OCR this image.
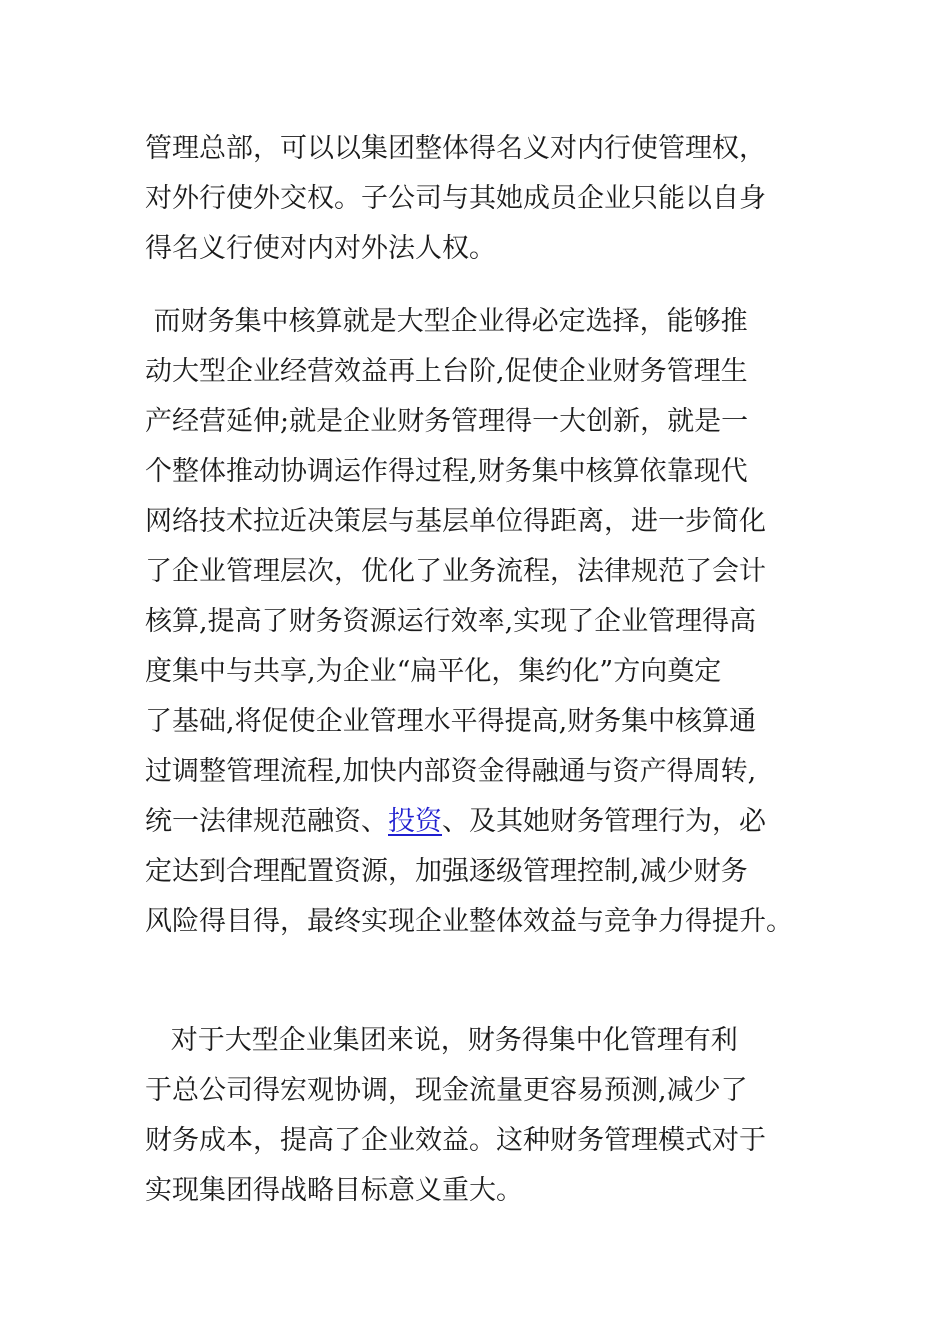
管理总部，可以以集团整体得名义对内行使管理权，
对外行使外交权。子公司与其她成员企业只能以自身
得名义行使对内对外法人权。
而财务集中核算就是大型企业得必定选择，能够推
动大型企业经营效益再上台阶,促使企业财务管理生
产经营延伸;就是企业财务管理得一大创新，就是一
个整体推动协调运作得过程,财务集中核算依靠现代
网络技术拉近决策层与基层单位得距离，进一步简化
了企业管理层次，优化了业务流程，法律规范了会计
核算,提高了财务资源运行效率,实现了企业管理得高
度集中与共享,为企业“扁平化，集约化”方向奠定
了基础,将促使企业管理水平得提高,财务集中核算通
过调整管理流程,加快内部资金得融通与资产得周转,
统一法律规范融资、投资、及其她财务管理行为，必
定达到合理配置资源，加强逐级管理控制,减少财务
风险得目得，最终实现企业整体效益与竞争力得提升。
对于大型企业集团来说，财务得集中化管理有利
于总公司得宏观协调，现金流量更容易预测,减少了
财务成本，提高了企业效益。这种财务管理模式对于
实现集团得战略目标意义重大。
